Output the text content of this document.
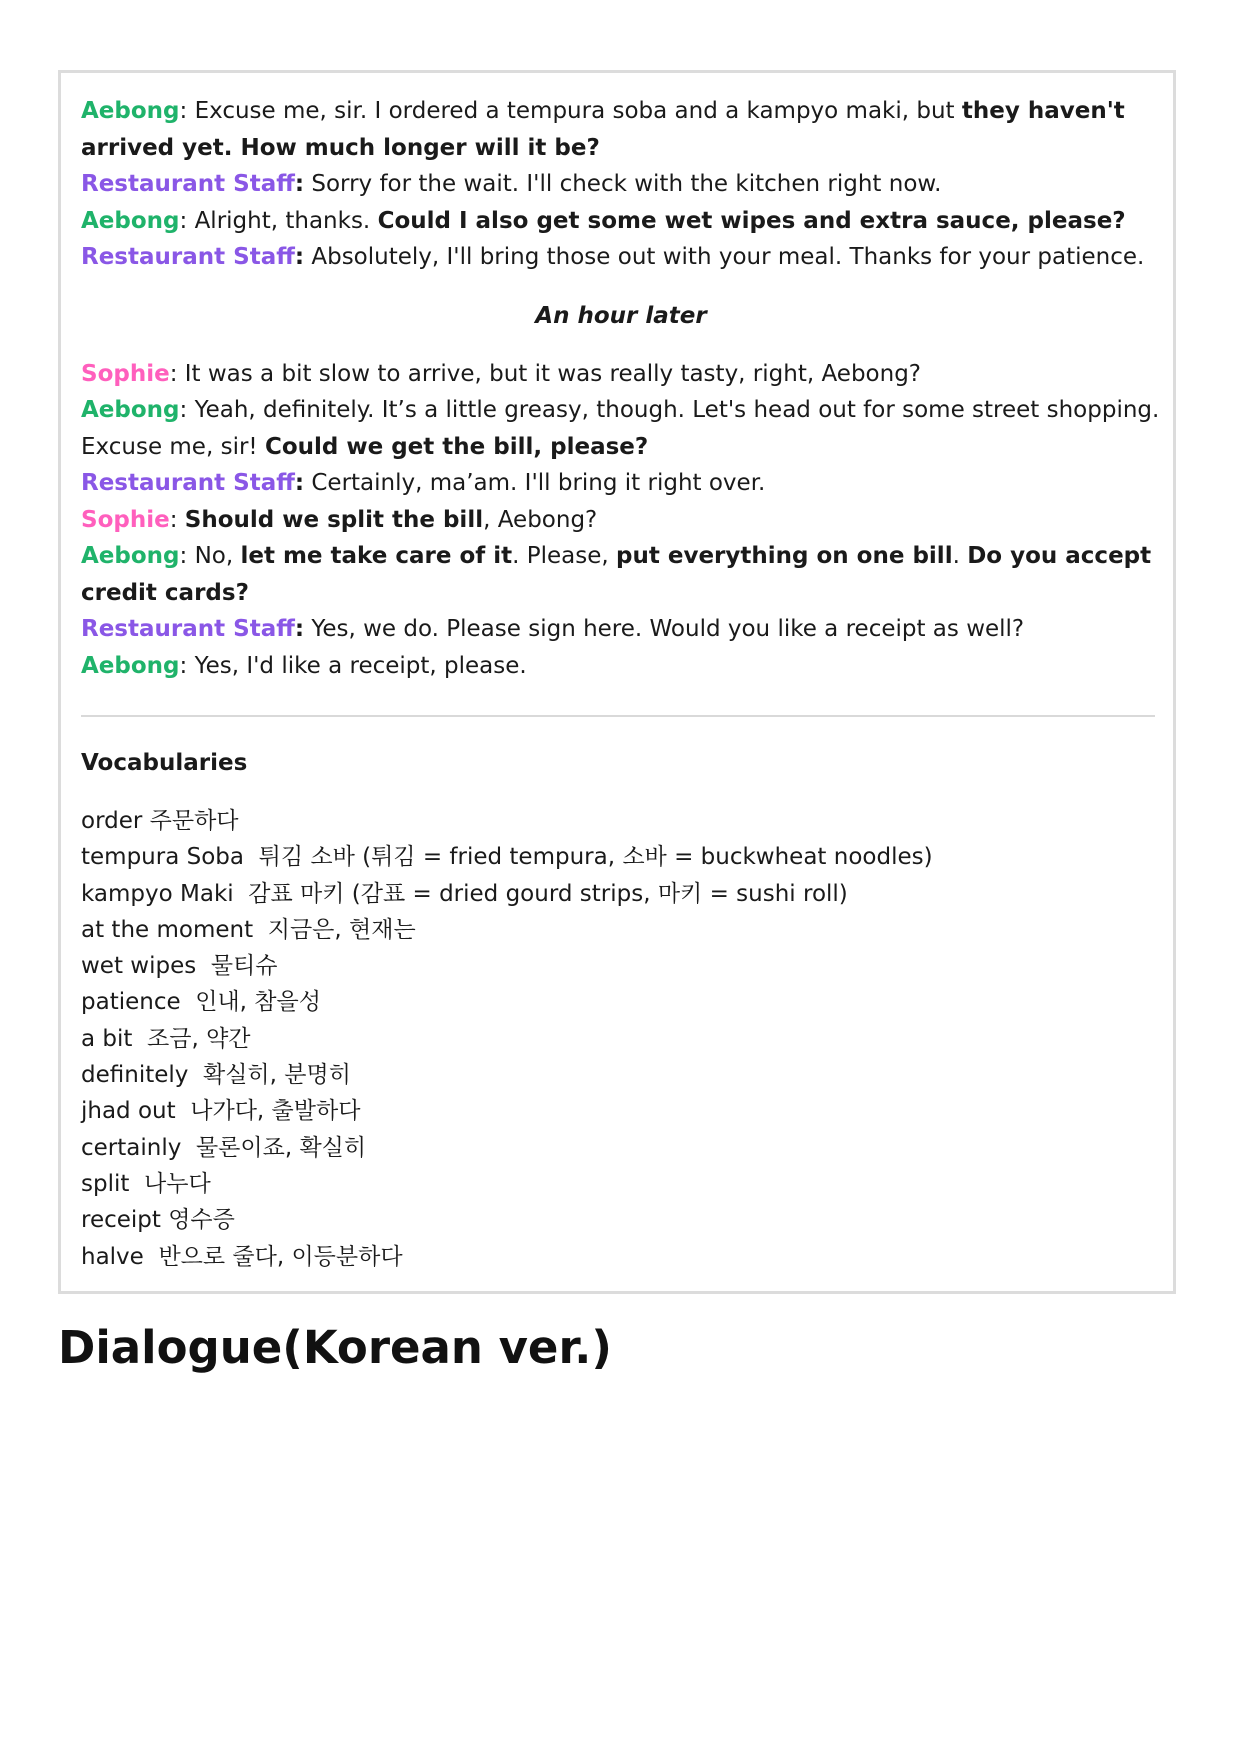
Aebong: Excuse me, sir. I ordered a tempura soba and a kampyo maki, but they haven't arrived yet. How much longer will it be?
Restaurant Staff: Sorry for the wait. I'll check with the kitchen right now.
Aebong: Alright, thanks. Could I also get some wet wipes and extra sauce, please?
Restaurant Staff: Absolutely, I'll bring those out with your meal. Thanks for your patience.
An hour later
Sophie: It was a bit slow to arrive, but it was really tasty, right, Aebong?
Aebong: Yeah, definitely. It’s a little greasy, though. Let's head out for some street shopping. Excuse me, sir! Could we get the bill, please?
Restaurant Staff: Certainly, ma’am. I'll bring it right over.
Sophie: Should we split the bill, Aebong?
Aebong: No, let me take care of it. Please, put everything on one bill. Do you accept credit cards?
Restaurant Staff: Yes, we do. Please sign here. Would you like a receipt as well?
Aebong: Yes, I'd like a receipt, please.
Vocabularies
order 주문하다
tempura Soba  튀김 소바 (튀김 = fried tempura, 소바 = buckwheat noodles)
kampyo Maki  감표 마키 (감표 = dried gourd strips, 마키 = sushi roll)
at the moment  지금은, 현재는
wet wipes  물티슈
patience  인내, 참을성
a bit  조금, 약간
definitely  확실히, 분명히
jhad out  나가다, 출발하다
certainly  물론이죠, 확실히
split  나누다
receipt 영수증
halve  반으로 줄다, 이등분하다
Dialogue(Korean ver.)
